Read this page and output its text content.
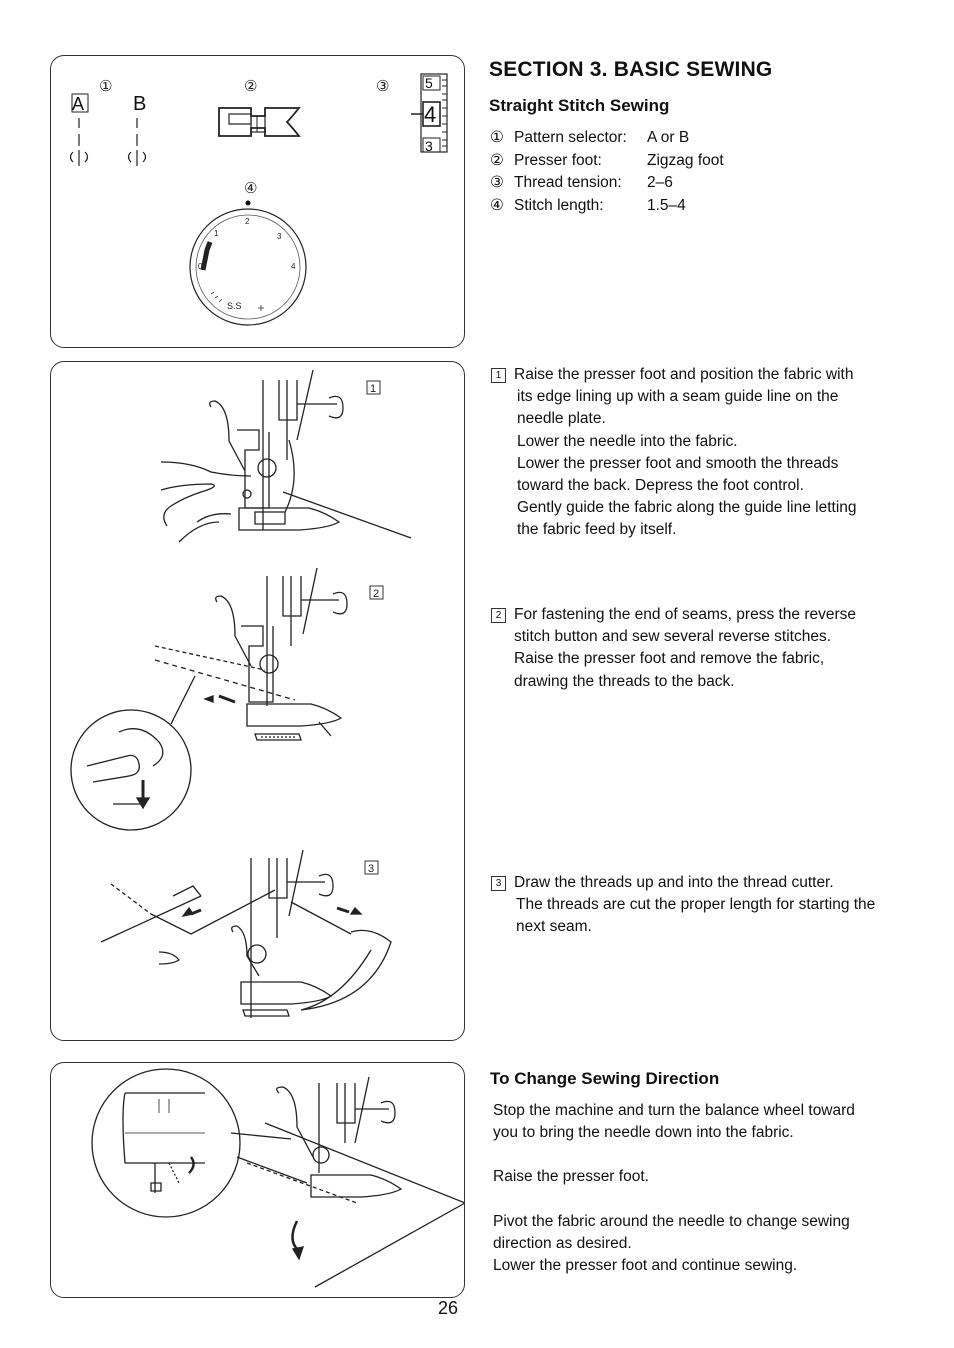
①	②	③
④
A B
5
4
3
0
1
2
3
4
S.S
SECTION 3. BASIC SEWING
Straight Stitch Sewing
① Pattern selector:	A or B
② Presser foot:	Zigzag foot
③ Thread tension:	2–6
④ Stitch length:	1.5–4
1
2
3
1 Raise the presser foot and position the fabric with
its edge lining up with a seam guide line on the
needle plate.
Lower the needle into the fabric.
Lower the presser foot and smooth the threads
toward the back. Depress the foot control.
Gently guide the fabric along the guide line letting
the fabric feed by itself.
2 For fastening the end of seams, press the reverse
stitch button and sew several reverse stitches.
Raise the presser foot and remove the fabric,
drawing the threads to the back.
3 Draw the threads up and into the thread cutter.
The threads are cut the proper length for starting the
next seam.
To Change Sewing Direction
Stop the machine and turn the balance wheel toward
you to bring the needle down into the fabric.
Raise the presser foot.
Pivot the fabric around the needle to change sewing
direction as desired.
Lower the presser foot and continue sewing.
26
